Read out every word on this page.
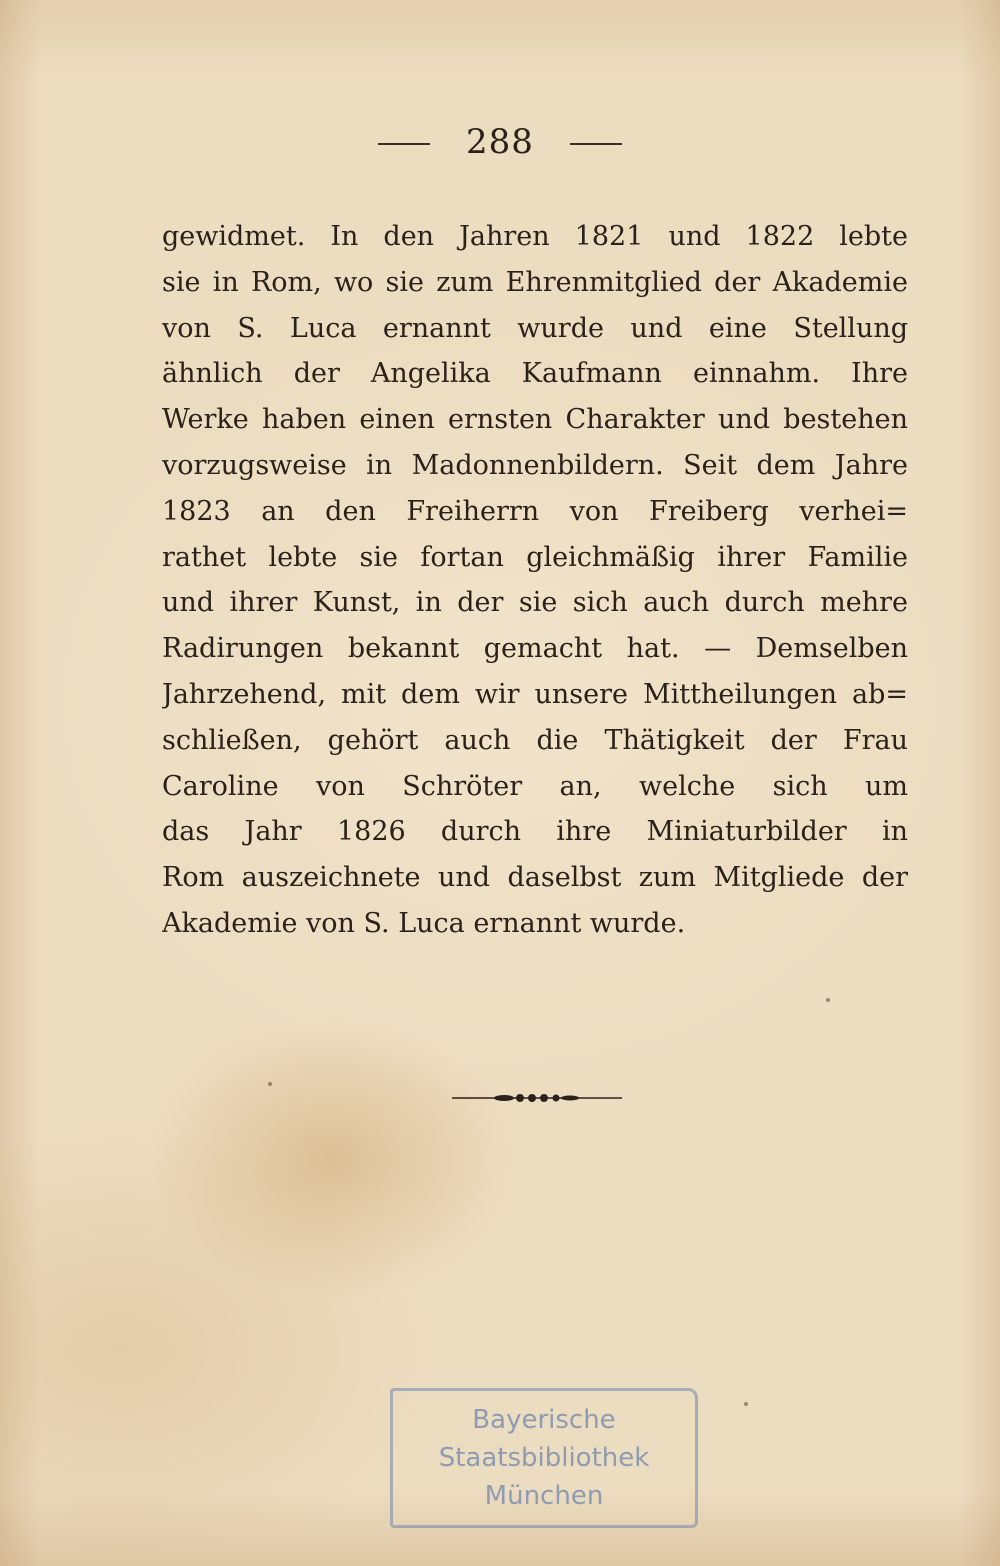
288
gewidmet. In den Jahren 1821 und 1822 lebte
sie in Rom, wo sie zum Ehrenmitglied der Akademie
von S. Luca ernannt wurde und eine Stellung
ähnlich der Angelika Kaufmann einnahm. Ihre
Werke haben einen ernsten Charakter und bestehen
vorzugsweise in Madonnenbildern. Seit dem Jahre
1823 an den Freiherrn von Freiberg verhei=
rathet lebte sie fortan gleichmäßig ihrer Familie
und ihrer Kunst, in der sie sich auch durch mehre
Radirungen bekannt gemacht hat. — Demselben
Jahrzehend, mit dem wir unsere Mittheilungen ab=
schließen, gehört auch die Thätigkeit der Frau
Caroline von Schröter an, welche sich um
das Jahr 1826 durch ihre Miniaturbilder in
Rom auszeichnete und daselbst zum Mitgliede der
Akademie von S. Luca ernannt wurde.
Bayerische
Staatsbibliothek
München
